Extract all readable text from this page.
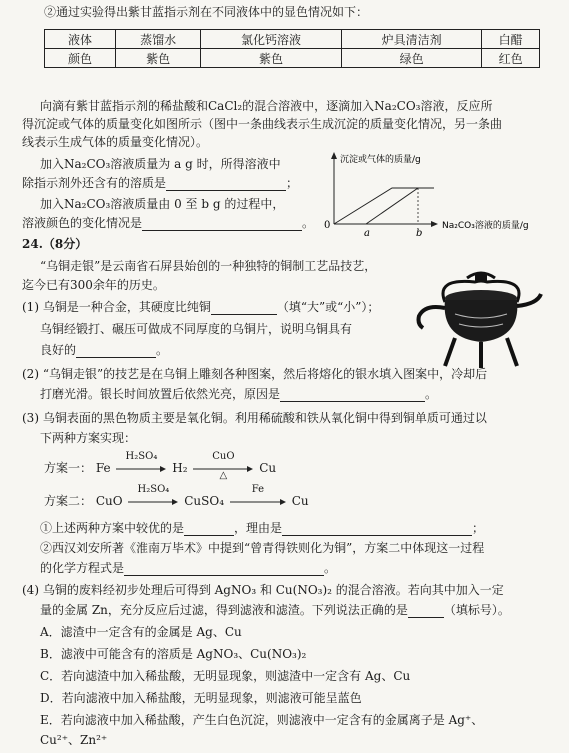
②通过实验得出紫甘蓝指示剂在不同液体中的显色情况如下：
液体	蒸馏水	氯化钙溶液	炉具清洁剂	白醋
颜色	紫色	紫色	绿色	红色
向滴有紫甘蓝指示剂的稀盐酸和CaCl₂的混合溶液中，逐滴加入Na₂CO₃溶液，反应所
得沉淀或气体的质量变化如图所示（图中一条曲线表示生成沉淀的质量变化情况，另一条曲
线表示生成气体的质量变化情况）。
加入Na₂CO₃溶液质量为 a g 时，所得溶液中
除指示剂外还含有的溶质是	；
加入Na₂CO₃溶液质量由 0 至 b g 的过程中，
溶液颜色的变化情况是	。
沉淀或气体的质量/g
0
a	b
Na₂CO₃溶液的质量/g
24.（8分）
“乌铜走银”是云南省石屏县始创的一种独特的铜制工艺品技艺，
迄今已有300余年的历史。
(1) 乌铜是一种合金，其硬度比纯铜	（填“大”或“小”）；
乌铜经锻打、碾压可做成不同厚度的乌铜片，说明乌铜具有
良好的	。
(2) “乌铜走银”的技艺是在乌铜上雕刻各种图案，然后将熔化的银水填入图案中，冷却后
打磨光滑。银长时间放置后依然光亮，原因是	。
(3) 乌铜表面的黑色物质主要是氧化铜。利用稀硫酸和铁从氧化铜中得到铜单质可通过以
下两种方案实现：
方案一： Fe
H₂SO₄
H₂
CuO
△	Cu
方案二： CuO
H₂SO₄
CuSO₄
Fe
Cu
①上述两种方案中较优的是	，理由是	；
②西汉刘安所著《淮南万毕术》中提到“曾青得铁则化为铜”，方案二中体现这一过程
的化学方程式是	。
(4) 乌铜的废料经初步处理后可得到 AgNO₃ 和 Cu(NO₃)₂ 的混合溶液。若向其中加入一定
量的金属 Zn，充分反应后过滤，得到滤液和滤渣。下列说法正确的是	（填标号）。
A．滤渣中一定含有的金属是 Ag、Cu
B．滤液中可能含有的溶质是 AgNO₃、Cu(NO₃)₂
C．若向滤渣中加入稀盐酸，无明显现象，则滤渣中一定含有 Ag、Cu
D．若向滤液中加入稀盐酸，无明显现象，则滤液可能呈蓝色
E．若向滤液中加入稀盐酸，产生白色沉淀，则滤液中一定含有的金属离子是 Ag⁺、
Cu²⁺、Zn²⁺
